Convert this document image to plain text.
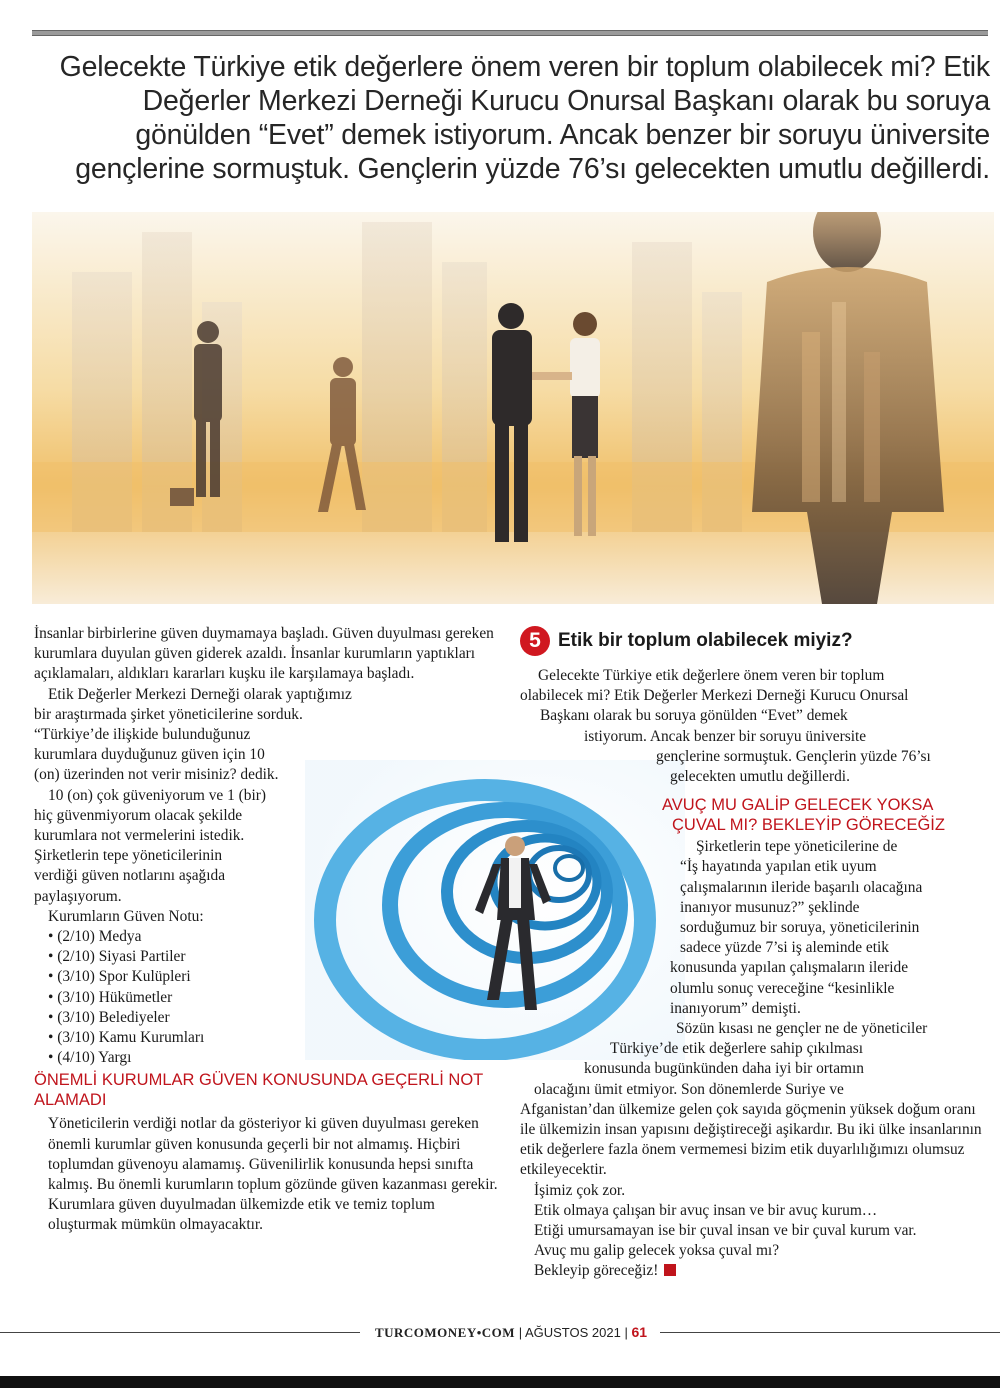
Gelecekte Türkiye etik değerlere önem veren bir toplum olabilecek mi? Etik Değerler Merkezi Derneği Kurucu Onursal Başkanı olarak bu soruya gönülden “Evet” demek istiyorum. Ancak benzer bir soruyu üniversite gençlerine sormuştuk. Gençlerin yüzde 76’sı gelecekten umutlu değillerdi.
İnsanlar birbirlerine güven duymamaya başladı. Güven duyulması gereken kurumlara duyulan güven giderek azaldı. İnsanlar kurumların yaptıkları açıklamaları, aldıkları kararları kuşku ile karşılamaya başladı.
Etik Değerler Merkezi Derneği olarak yaptığımız
bir araştırmada şirket yöneticilerine sorduk.
“Türkiye’de ilişkide bulunduğunuz
kurumlara duyduğunuz güven için 10
(on) üzerinden not verir misiniz? dedik.
10 (on) çok güveniyorum ve 1 (bir)
hiç güvenmiyorum olacak şekilde
kurumlara not vermelerini istedik.
Şirketlerin tepe yöneticilerinin
verdiği güven notlarını aşağıda
paylaşıyorum.
Kurumların Güven Notu:
• (2/10) Medya
• (2/10) Siyasi Partiler
• (3/10) Spor Kulüpleri
• (3/10) Hükümetler
• (3/10) Belediyeler
• (3/10) Kamu Kurumları
• (4/10) Yargı
ÖNEMLİ KURUMLAR GÜVEN KONUSUNDA GEÇERLİ NOT ALAMADI
Yöneticilerin verdiği notlar da gösteriyor ki güven duyulması gereken önemli kurumlar güven konusunda geçerli bir not almamış. Hiçbiri toplumdan güvenoyu alamamış. Güvenilirlik konusunda hepsi sınıfta kalmış. Bu önemli kurumların toplum gözünde güven kazanması gerekir. Kurumlara güven duyulmadan ülkemizde etik ve temiz toplum oluşturmak mümkün olmayacaktır.
5 Etik bir toplum olabilecek miyiz?
Gelecekte Türkiye etik değerlere önem veren bir toplum
olabilecek mi? Etik Değerler Merkezi Derneği Kurucu Onursal
Başkanı olarak bu soruya gönülden “Evet” demek
istiyorum. Ancak benzer bir soruyu üniversite
gençlerine sormuştuk. Gençlerin yüzde 76’sı
gelecekten umutlu değillerdi.
AVUÇ MU GALİP GELECEK YOKSA
ÇUVAL MI? BEKLEYİP GÖRECEĞİZ
Şirketlerin tepe yöneticilerine de
“İş hayatında yapılan etik uyum
çalışmalarının ileride başarılı olacağına
inanıyor musunuz?” şeklinde
sorduğumuz bir soruya, yöneticilerinin
sadece yüzde 7’si iş aleminde etik
konusunda yapılan çalışmaların ileride
olumlu sonuç vereceğine “kesinlikle
inanıyorum” demişti.
Sözün kısası ne gençler ne de yöneticiler
Türkiye’de etik değerlere sahip çıkılması
konusunda bugünkünden daha iyi bir ortamın
olacağını ümit etmiyor. Son dönemlerde Suriye ve
Afganistan’dan ülkemize gelen çok sayıda göçmenin yüksek doğum oranı ile ülkemizin insan yapısını değiştireceği aşikardır. Bu iki ülke insanlarının etik değerlere fazla önem vermemesi bizim etik duyarlılığımızı olumsuz etkileyecektir.
İşimiz çok zor.
Etik olmaya çalışan bir avuç insan ve bir avuç kurum…
Etiği umursamayan ise bir çuval insan ve bir çuval kurum var.
Avuç mu galip gelecek yoksa çuval mı?
Bekleyip göreceğiz!
TURCOMONEY•COM | AĞUSTOS 2021 | 61
